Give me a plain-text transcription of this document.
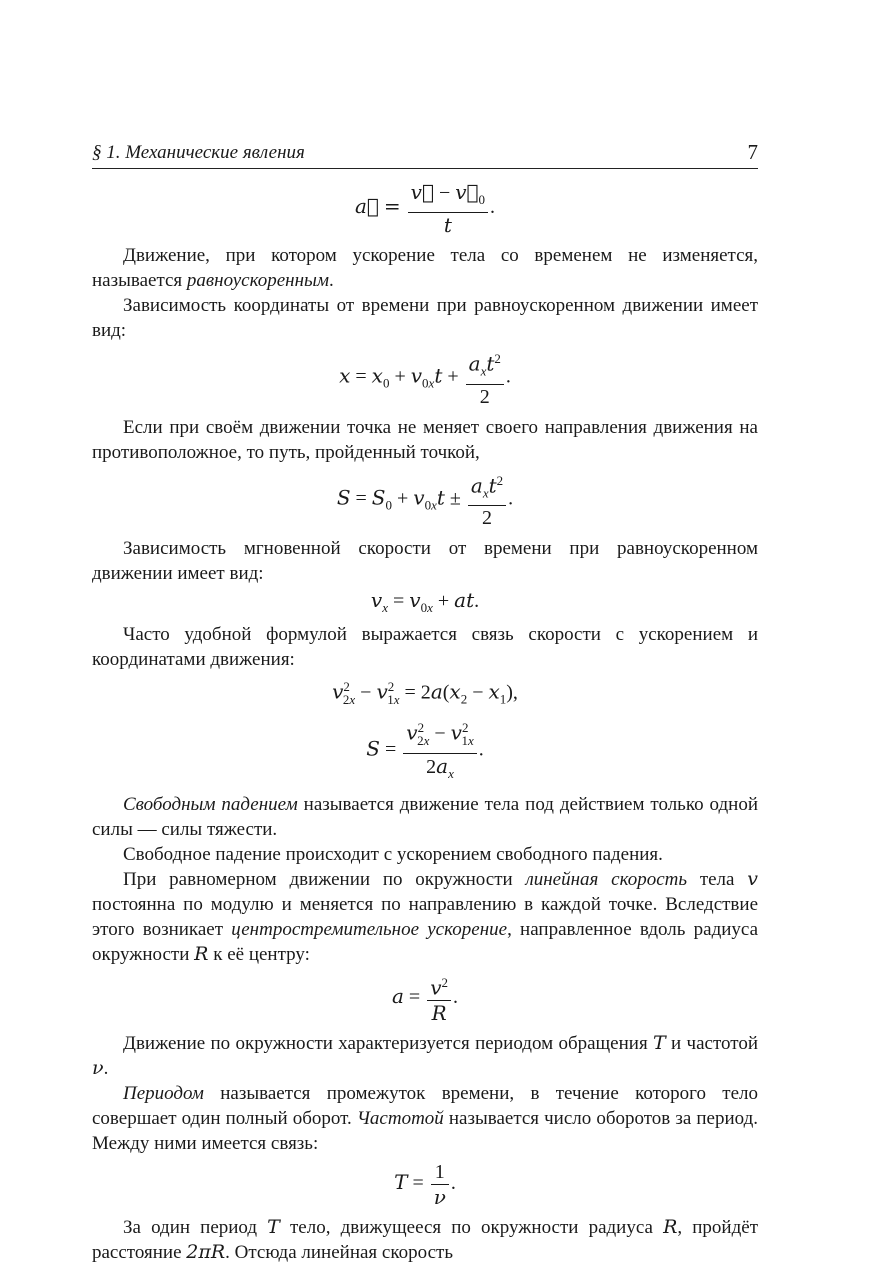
§ 1. Механические явления	7
a⃗ = $\frac{v⃗ - v⃗_0}{t}$ .

Движение, при котором ускорение тела со временем не изменяется, называется равноускоренным.

Зависимость координаты от времени при равноускоренном движении имеет вид:

$x = x_0 + v_{0x}t + \frac{a_xt^2}{2}$ .

Если при своём движении точка не меняет своего направления движения на противоположное, то путь, пройденный точкой,

$S = S_0 + v_{0x}t \pm \frac{a_xt^2}{2}$ .

Зависимость мгновенной скорости от времени при равноускоренном движении имеет вид:

$v_x = v_{0x}$ + at.

Часто удобной формулой выражается связь скорости с ускорением и координатами движения:

$v^2_{2x} - v^2_{1x} = 2a(x_2 - x_1)$,
$S = \frac{v^2_{2x} - v^2_{1x}}{2a_x}$ .

Свободным падением называется движение тела под действием только одной силы — силы тяжести.

Свободное падение происходит с ускорением свободного падения.

При равномерном движении по окружности линейная скорость тела v постоянна по модулю и меняется по направлению в каждой точке. Вследствие этого возникает центростремительное ускорение, направленное вдоль радиуса окружности R к её центру:

$a = \frac{v^2}{R}$ .

Движение по окружности характеризуется периодом обращения T и частотой ν.

Периодом называется промежуток времени, в течение которого тело совершает один полный оборот. Частотой называется число оборотов за период. Между ними имеется связь:

$T = \frac{1}{\nu}$ .

За один период T тело, движущееся по окружности радиуса R, пройдёт расстояние 2πR. Отсюда линейная скорость
